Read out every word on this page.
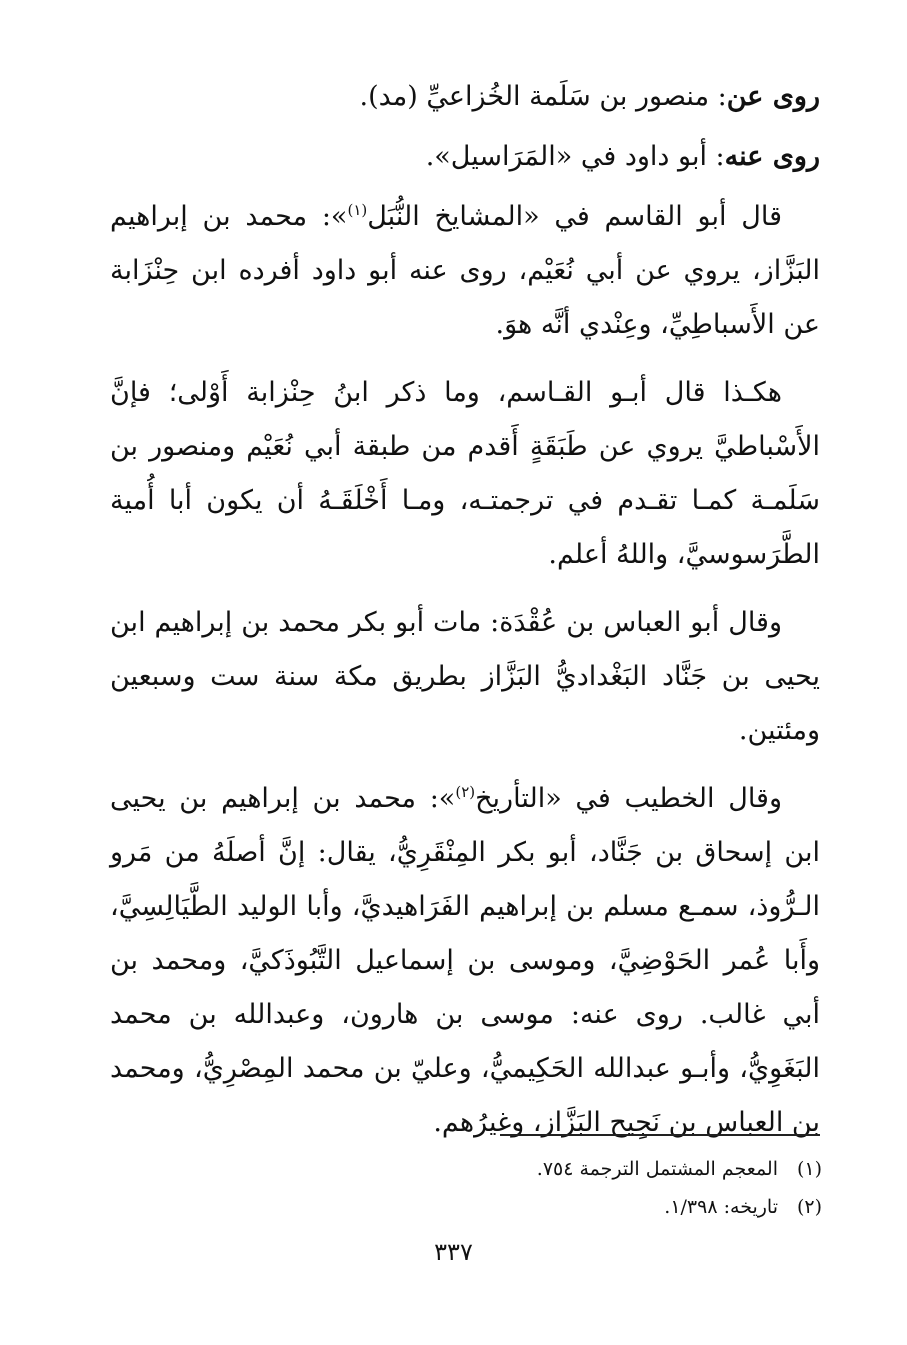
روى عن: منصور بن سَلَمة الخُزاعيِّ (مد).
روى عنه: أبو داود في «المَرَاسيل».

قال أبو القاسم في «المشايخ النُّبَل$^{(١)}$»: محمد بن إبراهيم البَزَّاز، يروي عن أبي نُعَيْم، روى عنه أبو داود أفرده ابن حِنْزَابة عن الأَسباطِيِّ، وعِنْدي أنَّه هوَ.

هكـذا قال أبـو القـاسم، وما ذكر ابنُ حِنْزابة أَوْلى؛ فإنَّ الأَسْباطيَّ يروي عن طَبَقَةٍ أَقدم من طبقة أبي نُعَيْم ومنصور بن سَلَمـة كمـا تقـدم في ترجمتـه، ومـا أَخْلَقَـهُ أن يكون أبا أُمية الطَّرَسوسيَّ، واللهُ أعلم.

وقال أبو العباس بن عُقْدَة: مات أبو بكر محمد بن إبراهيم ابن يحيى بن جَنَّاد البَغْداديُّ البَزَّاز بطريق مكة سنة ست وسبعين ومئتين.

وقال الخطيب في «التأريخ$^{(٢)}$»: محمد بن إبراهيم بن يحيى ابن إسحاق بن جَنَّاد، أبو بكر المِنْقَرِيُّ، يقال: إنَّ أصلَهُ من مَرو الـرُّوذ، سمـع مسلم بن إبراهيم الفَرَاهيديَّ، وأبا الوليد الطَّيَالِسِيَّ، وأَبا عُمر الحَوْضِيَّ، وموسى بن إسماعيل التَّبُوذَكيَّ، ومحمد بن أبي غالب. روى عنه: موسى بن هارون، وعبدالله بن محمد البَغَوِيُّ، وأبـو عبدالله الحَكِيميُّ، وعليّ بن محمد المِصْرِيُّ، ومحمد بن العباس بن نَجِيح البَزَّاز، وغيرُهم.

(١)المعجم المشتمل الترجمة ٧٥٤.
(٢)تاريخه: ١/٣٩٨.
٣٣٧
